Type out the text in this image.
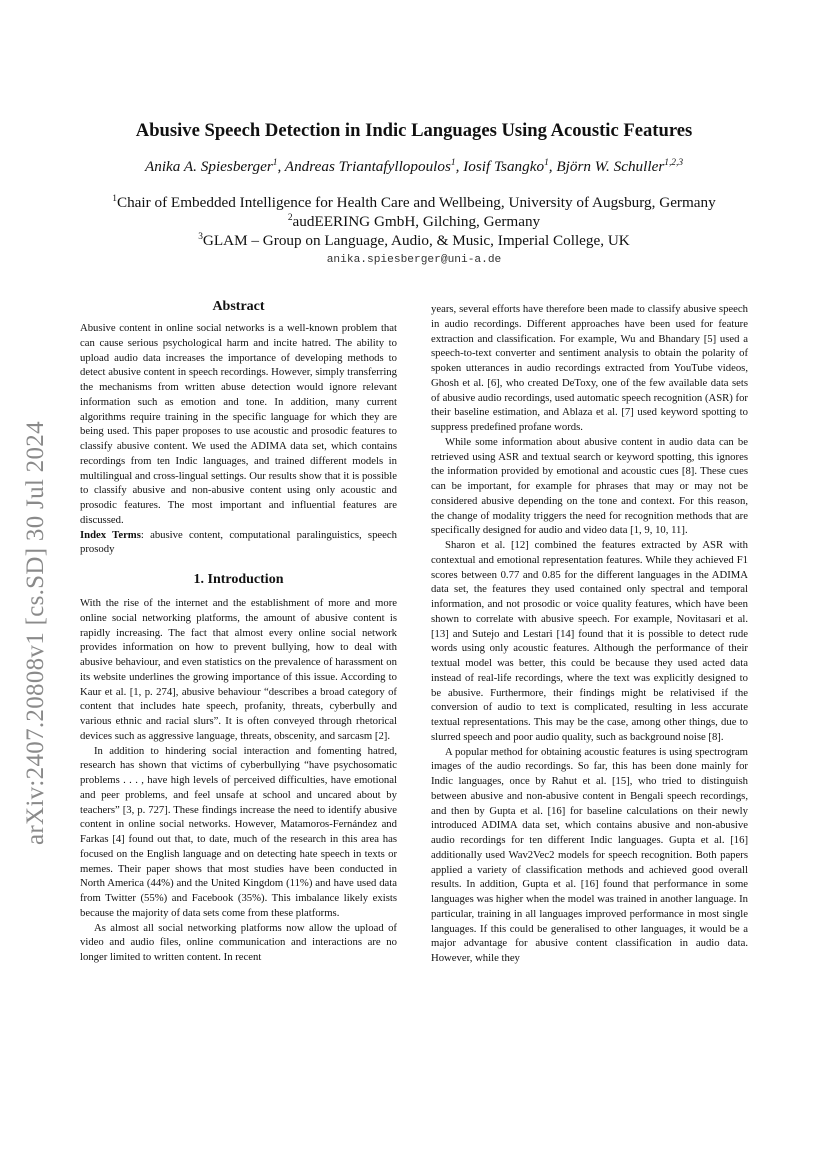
arXiv:2407.20808v1 [cs.SD] 30 Jul 2024
Abusive Speech Detection in Indic Languages Using Acoustic Features
Anika A. Spiesberger$^1$, Andreas Triantafyllopoulos$^1$, Iosif Tsangko$^1$, Björn W. Schuller$^{1,2,3}$
$^1$Chair of Embedded Intelligence for Health Care and Wellbeing, University of Augsburg, Germany
$^2$audEERING GmbH, Gilching, Germany
$^3$GLAM – Group on Language, Audio, & Music, Imperial College, UK
anika.spiesberger@uni-a.de
Abstract

Abusive content in online social networks is a well-known problem that can cause serious psychological harm and incite hatred. The ability to upload audio data increases the importance of developing methods to detect abusive content in speech recordings. However, simply transferring the mechanisms from written abuse detection would ignore relevant information such as emotion and tone. In addition, many current algorithms require training in the specific language for which they are being used. This paper proposes to use acoustic and prosodic features to classify abusive content. We used the ADIMA data set, which contains recordings from ten Indic languages, and trained different models in multilingual and cross-lingual settings. Our results show that it is possible to classify abusive and non-abusive content using only acoustic and prosodic features. The most important and influential features are discussed.

Index Terms: abusive content, computational paralinguistics, speech prosody

1. Introduction

With the rise of the internet and the establishment of more and more online social networking platforms, the amount of abusive content is rapidly increasing. The fact that almost every online social network provides information on how to prevent bullying, how to deal with abusive behaviour, and even statistics on the prevalence of harassment on its website underlines the growing importance of this issue. According to Kaur et al. [1, p. 274], abusive behaviour “describes a broad category of content that includes hate speech, profanity, threats, cyberbully and various ethnic and racial slurs”. It is often conveyed through rhetorical devices such as aggressive language, threats, obscenity, and sarcasm [2].

In addition to hindering social interaction and fomenting hatred, research has shown that victims of cyberbullying “have psychosomatic problems . . . , have high levels of perceived difficulties, have emotional and peer problems, and feel unsafe at school and uncared about by teachers” [3, p. 727]. These findings increase the need to identify abusive content in online social networks. However, Matamoros-Fernández and Farkas [4] found out that, to date, much of the research in this area has focused on the English language and on detecting hate speech in texts or memes. Their paper shows that most studies have been conducted in North America (44%) and the United Kingdom (11%) and have used data from Twitter (55%) and Facebook (35%). This imbalance likely exists because the majority of data sets come from these platforms.

As almost all social networking platforms now allow the upload of video and audio files, online communication and interactions are no longer limited to written content. In recent

years, several efforts have therefore been made to classify abusive speech in audio recordings. Different approaches have been used for feature extraction and classification. For example, Wu and Bhandary [5] used a speech-to-text converter and sentiment analysis to obtain the polarity of spoken utterances in audio recordings extracted from YouTube videos, Ghosh et al. [6], who created DeToxy, one of the few available data sets of abusive audio recordings, used automatic speech recognition (ASR) for their baseline estimation, and Ablaza et al. [7] used keyword spotting to suppress predefined profane words.

While some information about abusive content in audio data can be retrieved using ASR and textual search or keyword spotting, this ignores the information provided by emotional and acoustic cues [8]. These cues can be important, for example for phrases that may or may not be considered abusive depending on the tone and context. For this reason, the change of modality triggers the need for recognition methods that are specifically designed for audio and video data [1, 9, 10, 11].

Sharon et al. [12] combined the features extracted by ASR with contextual and emotional representation features. While they achieved F1 scores between 0.77 and 0.85 for the different languages in the ADIMA data set, the features they used contained only spectral and temporal information, and not prosodic or voice quality features, which have been shown to correlate with abusive speech. For example, Novitasari et al. [13] and Sutejo and Lestari [14] found that it is possible to detect rude words using only acoustic features. Although the performance of their textual model was better, this could be because they used acted data instead of real-life recordings, where the text was explicitly designed to be abusive. Furthermore, their findings might be relativised if the conversion of audio to text is complicated, resulting in less accurate textual representations. This may be the case, among other things, due to slurred speech and poor audio quality, such as background noise [8].

A popular method for obtaining acoustic features is using spectrogram images of the audio recordings. So far, this has been done mainly for Indic languages, once by Rahut et al. [15], who tried to distinguish between abusive and non-abusive content in Bengali speech recordings, and then by Gupta et al. [16] for baseline calculations on their newly introduced ADIMA data set, which contains abusive and non-abusive audio recordings for ten different Indic languages. Gupta et al. [16] additionally used Wav2Vec2 models for speech recognition. Both papers applied a variety of classification methods and achieved good overall results. In addition, Gupta et al. [16] found that performance in some languages was higher when the model was trained in another language. In particular, training in all languages improved performance in most single languages. If this could be generalised to other languages, it would be a major advantage for abusive content classification in audio data. However, while they
